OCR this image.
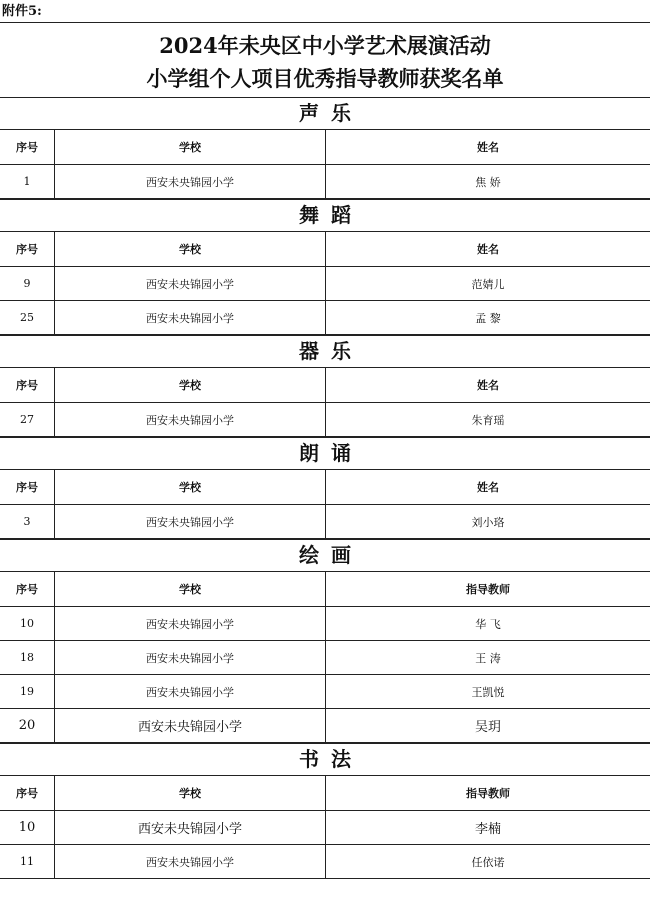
附件5:
2024年未央区中小学艺术展演活动
小学组个人项目优秀指导教师获奖名单
声乐
序号	学校	姓名
1	西安未央锦园小学	焦 娇
舞蹈
序号	学校	姓名
9	西安未央锦园小学	范婧儿
25	西安未央锦园小学	孟 黎
器乐
序号	学校	姓名
27	西安未央锦园小学	朱育瑶
朗诵
序号	学校	姓名
3	西安未央锦园小学	刘小珞
绘画
序号	学校	指导教师
10	西安未央锦园小学	华 飞
18	西安未央锦园小学	王 涛
19	西安未央锦园小学	王凯悦
20	西安未央锦园小学	吴玥
书法
序号	学校	指导教师
10	西安未央锦园小学	李楠
11	西安未央锦园小学	任依诺
